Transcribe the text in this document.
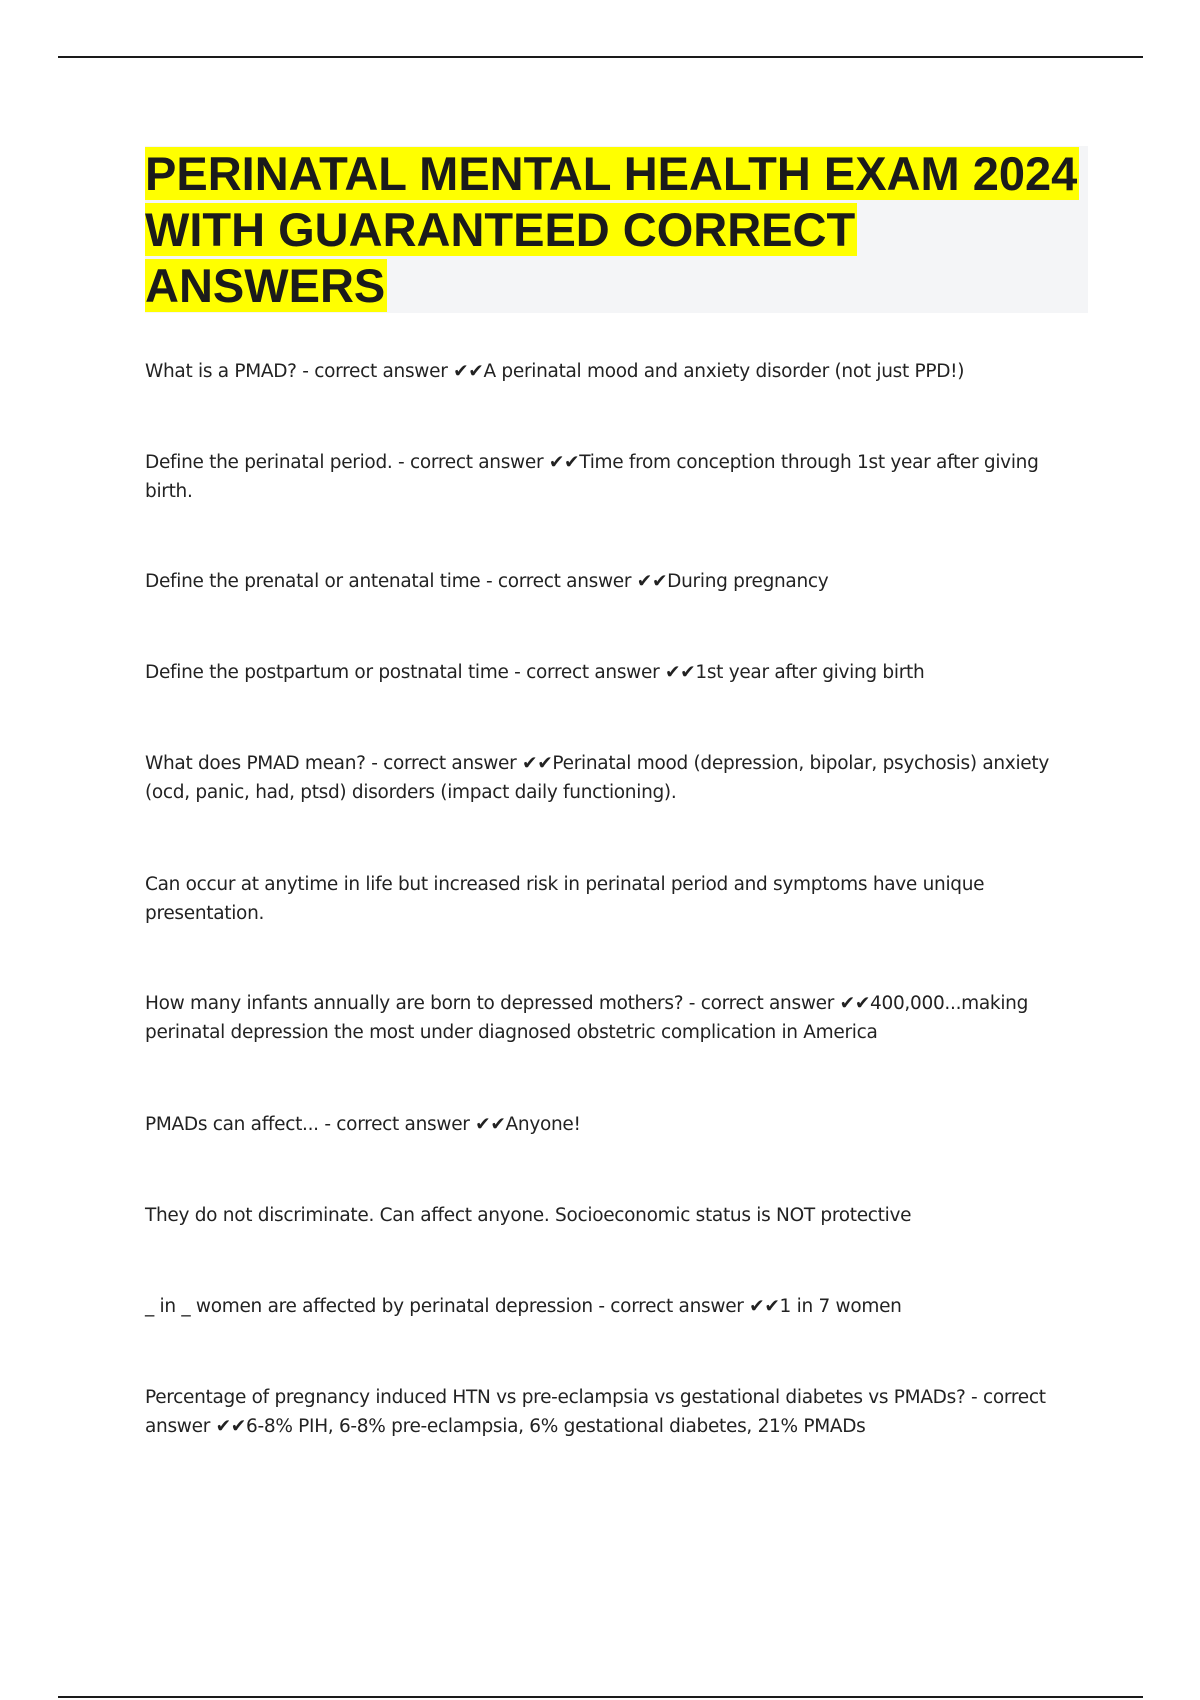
PERINATAL MENTAL HEALTH EXAM 2024 WITH GUARANTEED CORRECT ANSWERS

What is a PMAD? - correct answer ✔✔A perinatal mood and anxiety disorder (not just PPD!)

Define the perinatal period. - correct answer ✔✔Time from conception through 1st year after giving birth.

Define the prenatal or antenatal time - correct answer ✔✔During pregnancy

Define the postpartum or postnatal time - correct answer ✔✔1st year after giving birth

What does PMAD mean? - correct answer ✔✔Perinatal mood (depression, bipolar, psychosis) anxiety (ocd, panic, had, ptsd) disorders (impact daily functioning).

Can occur at anytime in life but increased risk in perinatal period and symptoms have unique presentation.

How many infants annually are born to depressed mothers? - correct answer ✔✔400,000...making perinatal depression the most under diagnosed obstetric complication in America

PMADs can affect... - correct answer ✔✔Anyone!

They do not discriminate. Can affect anyone. Socioeconomic status is NOT protective

_ in _ women are affected by perinatal depression - correct answer ✔✔1 in 7 women

Percentage of pregnancy induced HTN vs pre-eclampsia vs gestational diabetes vs PMADs? - correct answer ✔✔6-8% PIH, 6-8% pre-eclampsia, 6% gestational diabetes, 21% PMADs
